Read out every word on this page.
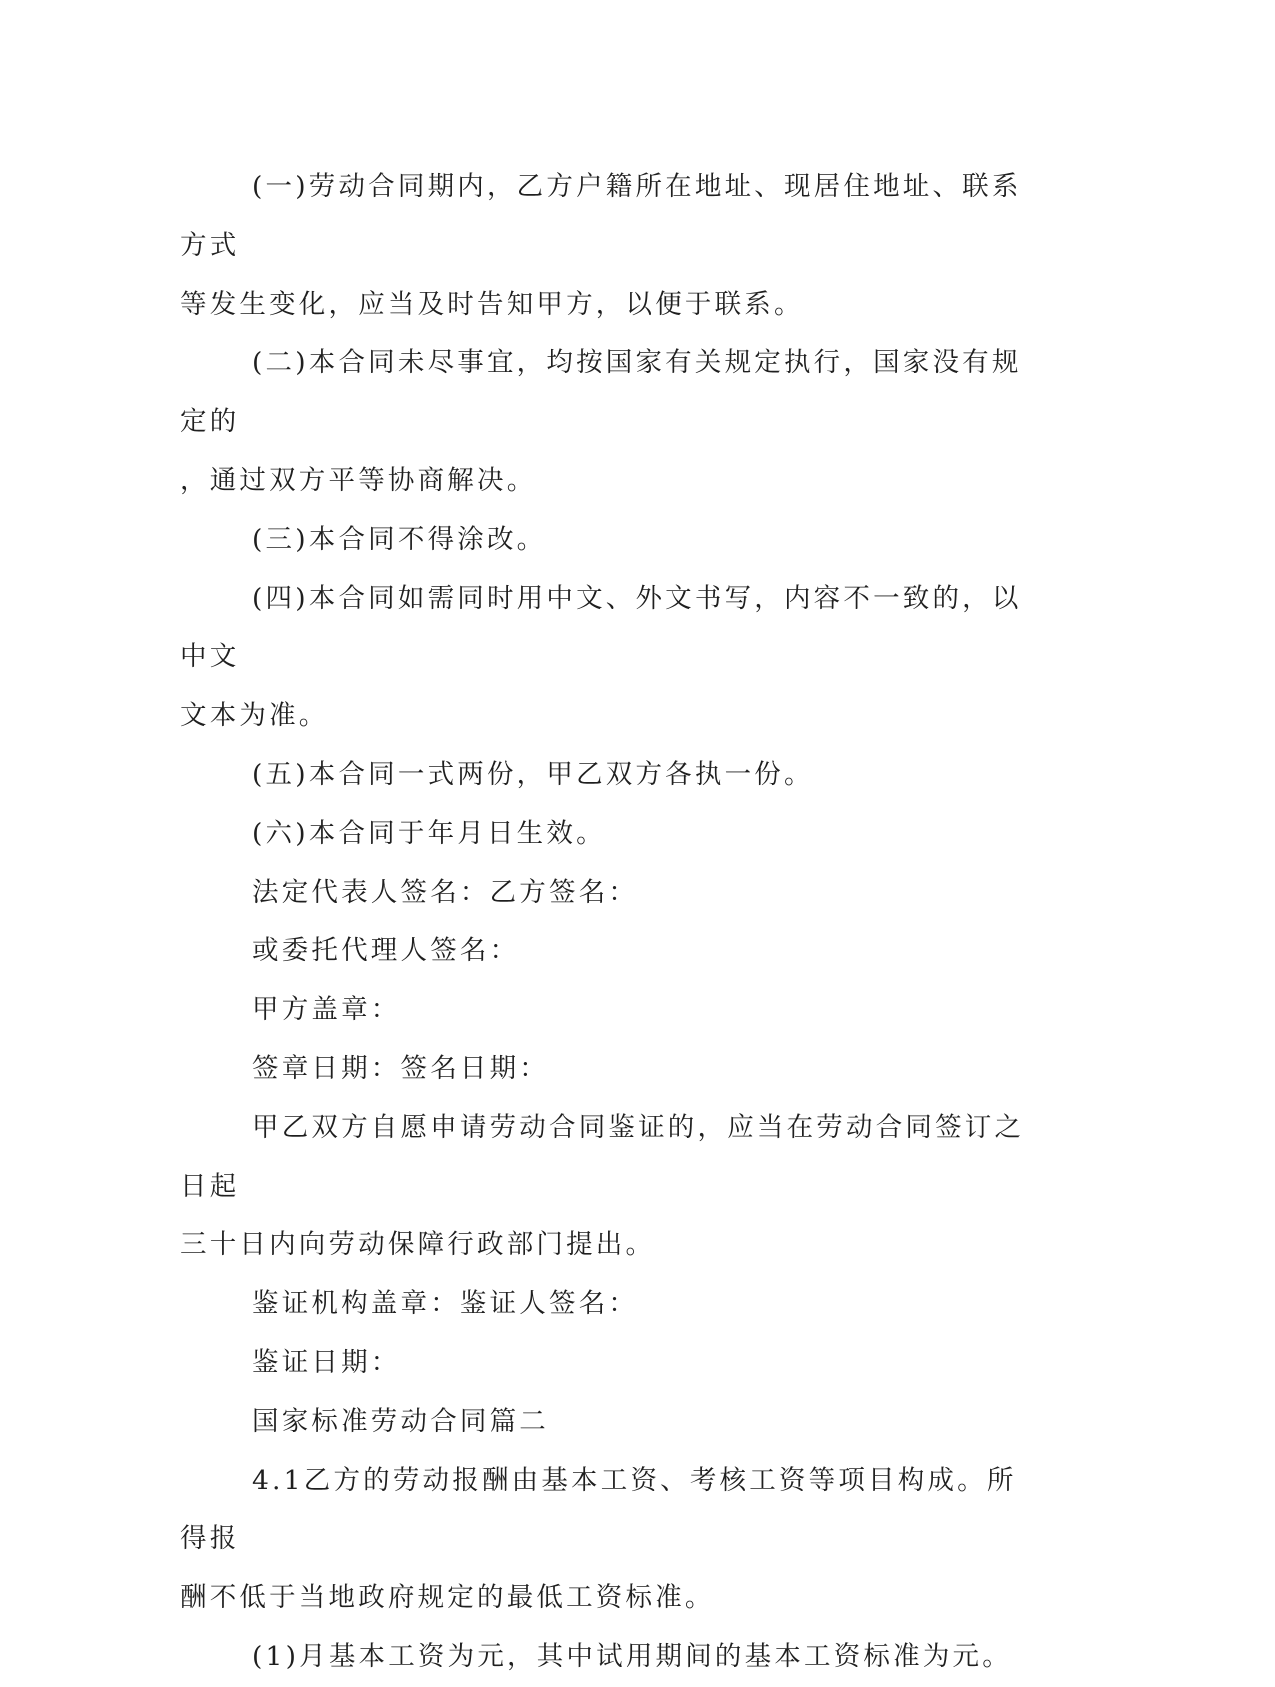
(一)劳动合同期内，乙方户籍所在地址、现居住地址、联系方式

等发生变化，应当及时告知甲方，以便于联系。

(二)本合同未尽事宜，均按国家有关规定执行，国家没有规定的

，通过双方平等协商解决。

(三)本合同不得涂改。

(四)本合同如需同时用中文、外文书写，内容不一致的，以中文

文本为准。

(五)本合同一式两份，甲乙双方各执一份。

(六)本合同于年月日生效。

法定代表人签名：乙方签名：

或委托代理人签名：

甲方盖章：

签章日期：签名日期：

甲乙双方自愿申请劳动合同鉴证的，应当在劳动合同签订之日起

三十日内向劳动保障行政部门提出。

鉴证机构盖章：鉴证人签名：

鉴证日期：

国家标准劳动合同篇二

4.1乙方的劳动报酬由基本工资、考核工资等项目构成。所得报

酬不低于当地政府规定的最低工资标准。

(1)月基本工资为元，其中试用期间的基本工资标准为元。
